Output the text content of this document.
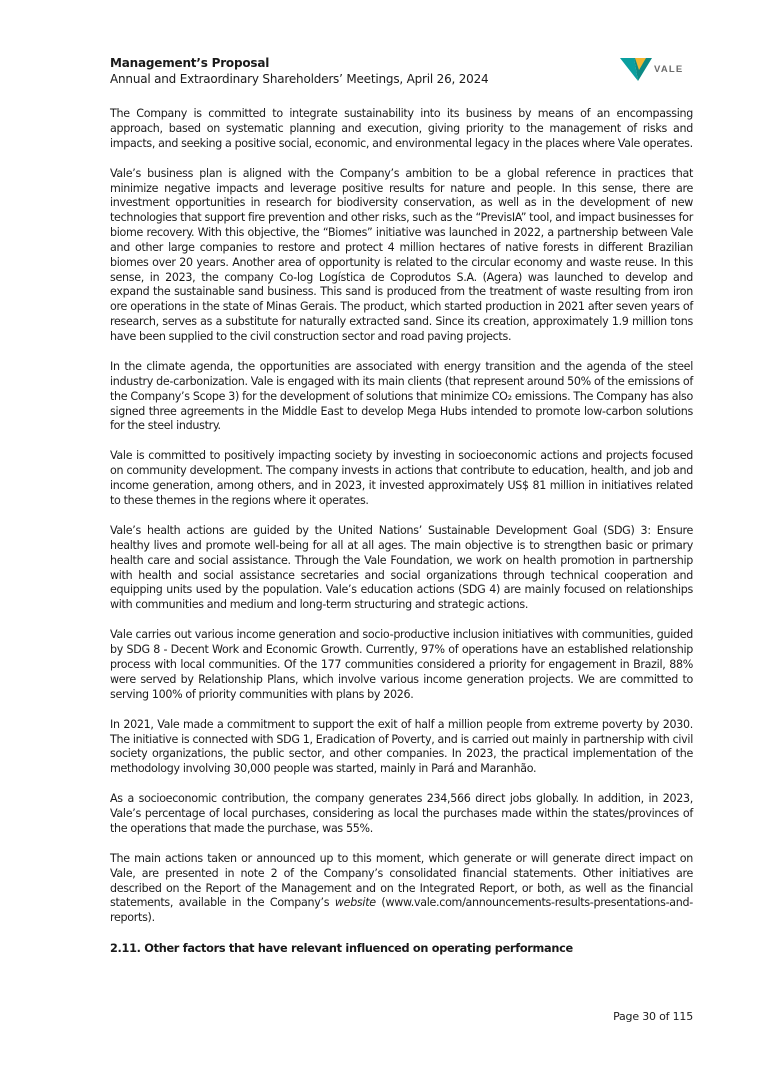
Management’s Proposal
Annual and Extraordinary Shareholders’ Meetings, April 26, 2024
VALE

The Company is committed to integrate sustainability into its business by means of an encompassing approach, based on systematic planning and execution, giving priority to the management of risks and impacts, and seeking a positive social, economic, and environmental legacy in the places where Vale operates.

Vale’s business plan is aligned with the Company’s ambition to be a global reference in practices that minimize negative impacts and leverage positive results for nature and people. In this sense, there are investment opportunities in research for biodiversity conservation, as well as in the development of new technologies that support fire prevention and other risks, such as the “PrevisIA” tool, and impact businesses for biome recovery. With this objective, the “Biomes” initiative was launched in 2022, a partnership between Vale and other large companies to restore and protect 4 million hectares of native forests in different Brazilian biomes over 20 years. Another area of opportunity is related to the circular economy and waste reuse. In this sense, in 2023, the company Co-log Logística de Coprodutos S.A. (Agera) was launched to develop and expand the sustainable sand business. This sand is produced from the treatment of waste resulting from iron ore operations in the state of Minas Gerais. The product, which started production in 2021 after seven years of research, serves as a substitute for naturally extracted sand. Since its creation, approximately 1.9 million tons have been supplied to the civil construction sector and road paving projects.

In the climate agenda, the opportunities are associated with energy transition and the agenda of the steel industry de-carbonization. Vale is engaged with its main clients (that represent around 50% of the emissions of the Company’s Scope 3) for the development of solutions that minimize CO₂ emissions. The Company has also signed three agreements in the Middle East to develop Mega Hubs intended to promote low-carbon solutions for the steel industry.

Vale is committed to positively impacting society by investing in socioeconomic actions and projects focused on community development. The company invests in actions that contribute to education, health, and job and income generation, among others, and in 2023, it invested approximately US$ 81 million in initiatives related to these themes in the regions where it operates.

Vale’s health actions are guided by the United Nations’ Sustainable Development Goal (SDG) 3: Ensure healthy lives and promote well-being for all at all ages. The main objective is to strengthen basic or primary health care and social assistance. Through the Vale Foundation, we work on health promotion in partnership with health and social assistance secretaries and social organizations through technical cooperation and equipping units used by the population. Vale’s education actions (SDG 4) are mainly focused on relationships with communities and medium and long-term structuring and strategic actions.

Vale carries out various income generation and socio-productive inclusion initiatives with communities, guided by SDG 8 - Decent Work and Economic Growth. Currently, 97% of operations have an established relationship process with local communities. Of the 177 communities considered a priority for engagement in Brazil, 88% were served by Relationship Plans, which involve various income generation projects. We are committed to serving 100% of priority communities with plans by 2026.

In 2021, Vale made a commitment to support the exit of half a million people from extreme poverty by 2030. The initiative is connected with SDG 1, Eradication of Poverty, and is carried out mainly in partnership with civil society organizations, the public sector, and other companies. In 2023, the practical implementation of the methodology involving 30,000 people was started, mainly in Pará and Maranhão.

As a socioeconomic contribution, the company generates 234,566 direct jobs globally. In addition, in 2023, Vale’s percentage of local purchases, considering as local the purchases made within the states/provinces of the operations that made the purchase, was 55%.

The main actions taken or announced up to this moment, which generate or will generate direct impact on Vale, are presented in note 2 of the Company’s consolidated financial statements. Other initiatives are described on the Report of the Management and on the Integrated Report, or both, as well as the financial statements, available in the Company’s website (www.vale.com/announcements-results-presentations-and-reports).

2.11. Other factors that have relevant influenced on operating performance
Page 30 of 115
